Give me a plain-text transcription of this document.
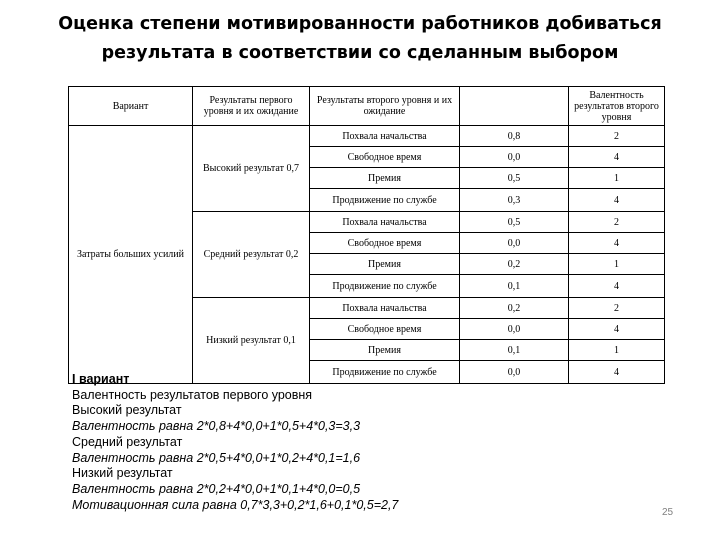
Оценка степени мотивированности работников добиваться
результата в соответствии со сделанным выбором
Вариант	Результаты первого уровня и их ожидание	Результаты второго уровня и их ожидание		Валентность результатов второго уровня
Затраты больших усилий	Высокий результат 0,7	Похвала начальства	0,8	2
		Свободное время	0,0	4
		Премия	0,5	1
		Продвижение по службе	0,3	4
	Средний результат 0,2	Похвала начальства	0,5	2
		Свободное время	0,0	4
		Премия	0,2	1
		Продвижение по службе	0,1	4
	Низкий результат 0,1	Похвала начальства	0,2	2
		Свободное время	0,0	4
		Премия	0,1	1
		Продвижение по службе	0,0	4
I вариант
Валентность результатов первого уровня
Высокий результат
Валентность равна 2*0,8+4*0,0+1*0,5+4*0,3=3,3
Средний результат
Валентность равна 2*0,5+4*0,0+1*0,2+4*0,1=1,6
Низкий результат
Валентность равна 2*0,2+4*0,0+1*0,1+4*0,0=0,5
Мотивационная сила равна 0,7*3,3+0,2*1,6+0,1*0,5=2,7
25
